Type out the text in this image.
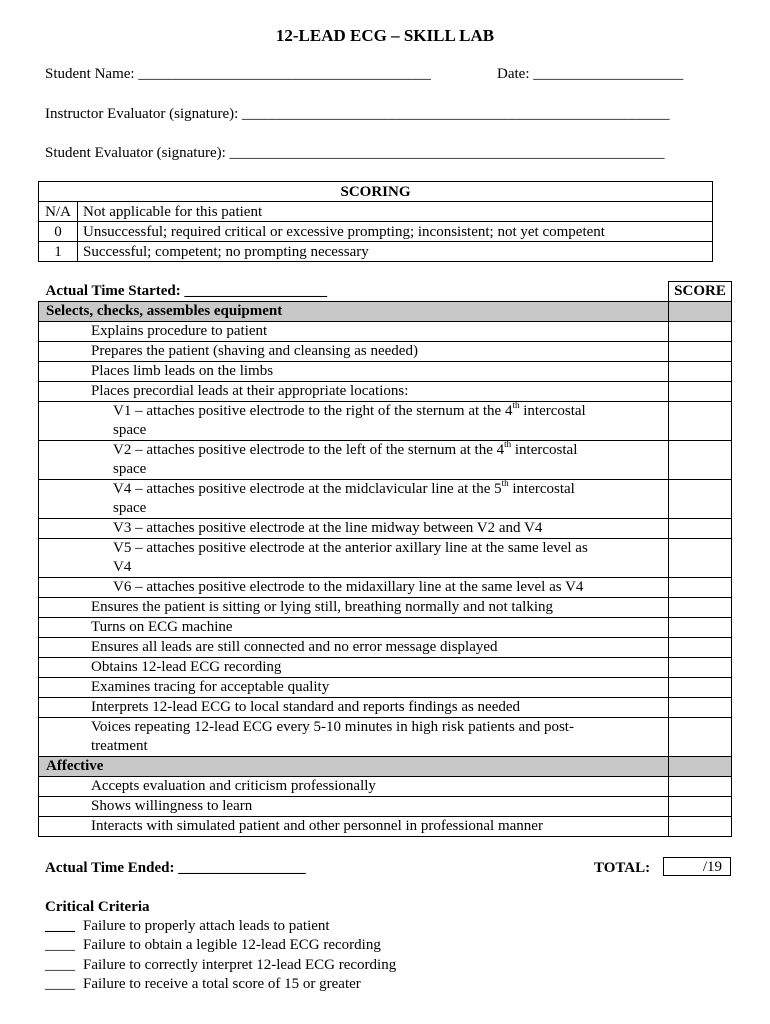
12-LEAD ECG – SKILL LAB
Student Name: _______________________________________	Date: ____________________
Instructor Evaluator (signature): _________________________________________________________
Student Evaluator (signature): __________________________________________________________
SCORING	
N/A	Not applicable for this patient
0	Unsuccessful; required critical or excessive prompting; inconsistent; not yet competent
1	Successful; competent; no prompting necessary
Actual Time Started: ___________________	SCORE
Selects, checks, assembles equipment	

Explains procedure to patient	

Prepares the patient (shaving and cleansing as needed)	

Places limb leads on the limbs	

Places precordial leads at their appropriate locations:	

V1 – attaches positive electrode to the right of the sternum at the 4th intercostal
space	

V2 – attaches positive electrode to the left of the sternum at the 4th intercostal
space	

V4 – attaches positive electrode at the midclavicular line at the 5th intercostal
space	

V3 – attaches positive electrode at the line midway between V2 and V4	

V5 – attaches positive electrode at the anterior axillary line at the same level as
V4	

V6 – attaches positive electrode to the midaxillary line at the same level as V4	

Ensures the patient is sitting or lying still, breathing normally and not talking	

Turns on ECG machine	

Ensures all leads are still connected and no error message displayed	

Obtains 12-lead ECG recording	

Examines tracing for acceptable quality	

Interprets 12-lead ECG to local standard and reports findings as needed	

Voices repeating 12-lead ECG every 5-10 minutes in high risk patients and post-
treatment	

Affective	

Accepts evaluation and criticism professionally	

Shows willingness to learn	

Interacts with simulated patient and other personnel in professional manner	

Actual Time Ended: _________________	TOTAL:	/19
Critical Criteria
____ Failure to properly attach leads to patient
____ Failure to obtain a legible 12-lead ECG recording
____ Failure to correctly interpret 12-lead ECG recording
____ Failure to receive a total score of 15 or greater
